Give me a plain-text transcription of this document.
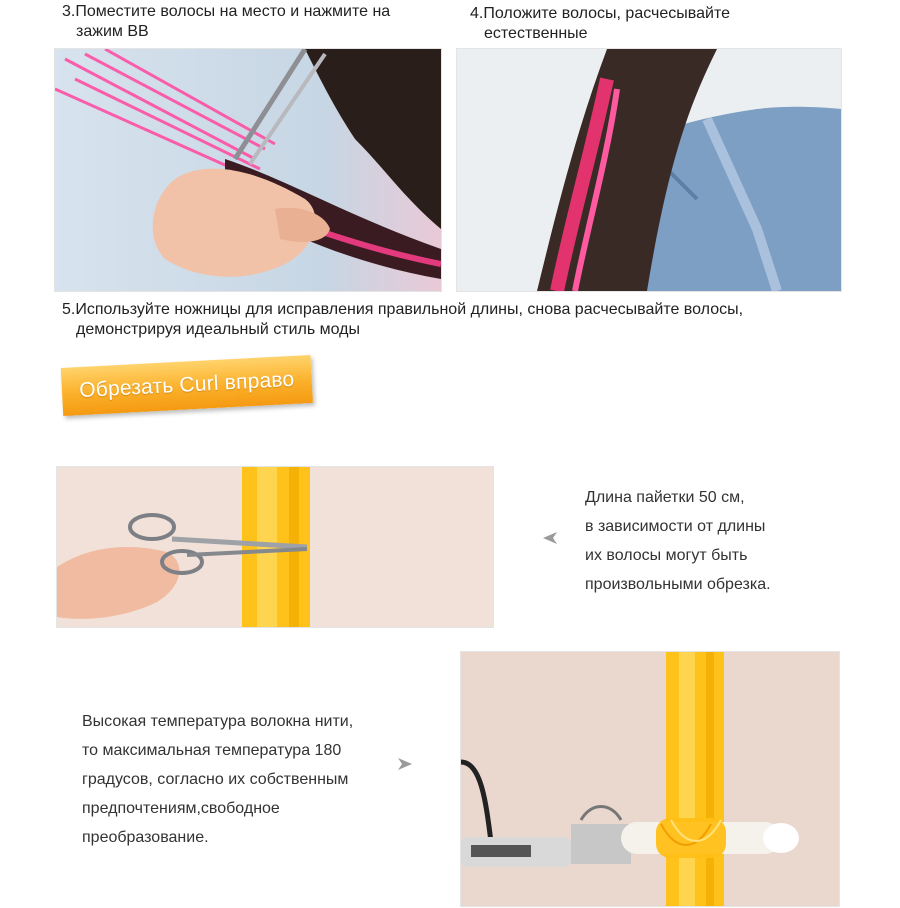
3.Поместите волосы на место и нажмите на
зажим BB
4.Положите волосы, расчесывайте
естественные
5.Используйте ножницы для исправления правильной длины, снова расчесывайте волосы,
демонстрируя идеальный стиль моды
Обрезать Curl вправо
Длина пайетки 50 см,
в зависимости от длины
их волосы могут быть
произвольными обрезка.
Высокая температура волокна нити,
то максимальная температура 180
градусов, согласно их собственным
предпочтениям,свободное
преобразование.
